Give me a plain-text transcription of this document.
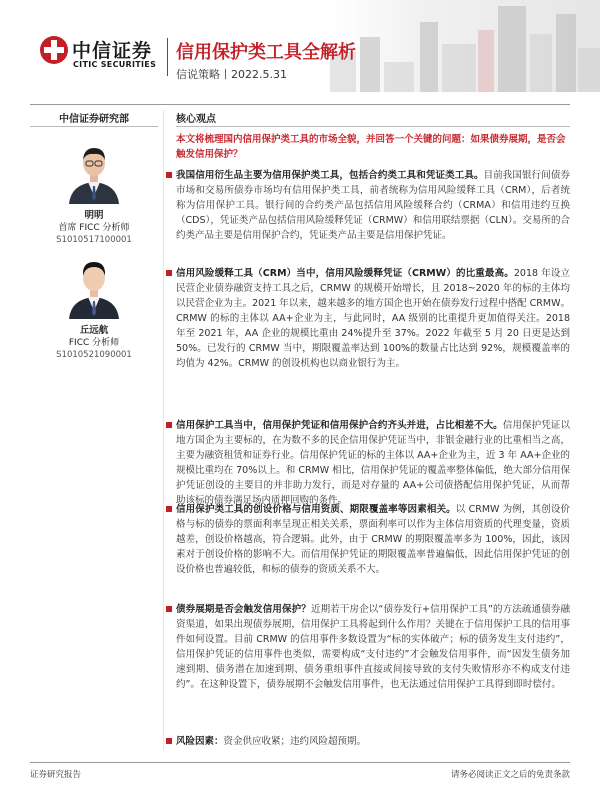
中信证券
CITIC SECURITIES
信用保护类工具全解析
信说策略丨2022.5.31
中信证券研究部
明明
首席 FICC 分析师
S1010517100001
丘远航
FICC 分析师
S1010521090001
核心观点
本文将梳理国内信用保护类工具的市场全貌，并回答一个关键的问题：如果债券展期，是否会触发信用保护？
我国信用衍生品主要为信用保护类工具，包括合约类工具和凭证类工具。目前我国银行间债券市场和交易所债券市场均有信用保护类工具，前者统称为信用风险缓释工具（CRM），后者统称为信用保护工具。银行间的合约类产品包括信用风险缓释合约（CRMA）和信用违约互换（CDS），凭证类产品包括信用风险缓释凭证（CRMW）和信用联结票据（CLN）。交易所的合约类产品主要是信用保护合约，凭证类产品主要是信用保护凭证。
信用风险缓释工具（CRM）当中，信用风险缓释凭证（CRMW）的比重最高。2018 年设立民营企业债券融资支持工具之后，CRMW 的规模开始增长，且 2018~2020 年的标的主体均以民营企业为主。2021 年以来，越来越多的地方国企也开始在债券发行过程中搭配 CRMW。CRMW 的标的主体以 AA+企业为主，与此同时，AA 级别的比重提升更加值得关注。2018 年至 2021 年，AA 企业的规模比重由 24%提升至 37%。2022 年截至 5 月 20 日更是达到 50%。已发行的 CRMW 当中，期限覆盖率达到 100%的数量占比达到 92%，规模覆盖率的均值为 42%。CRMW 的创设机构也以商业银行为主。
信用保护工具当中，信用保护凭证和信用保护合约齐头并进，占比相差不大。信用保护凭证以地方国企为主要标的，在为数不多的民企信用保护凭证当中，非银金融行业的比重相当之高，主要为融资租赁和证券行业。信用保护凭证的标的主体以 AA+企业为主，近 3 年 AA+企业的规模比重均在 70%以上。和 CRMW 相比，信用保护凭证的覆盖率整体偏低，绝大部分信用保护凭证创设的主要目的并非助力发行，而是对存量的 AA+公司债搭配信用保护凭证，从而帮助该标的债券满足场内质押回购的条件。
信用保护类工具的创设价格与信用资质、期限覆盖率等因素相关。以 CRMW 为例，其创设价格与标的债券的票面利率呈现正相关关系，票面利率可以作为主体信用资质的代理变量，资质越差，创设价格越高，符合逻辑。此外，由于 CRMW 的期限覆盖率多为 100%，因此，该因素对于创设价格的影响不大。而信用保护凭证的期限覆盖率普遍偏低，因此信用保护凭证的创设价格也普遍较低，和标的债券的资质关系不大。
债券展期是否会触发信用保护？近期若干房企以“债券发行+信用保护工具”的方法疏通债券融资渠道，如果出现债券展期，信用保护工具将起到什么作用？关键在于信用保护工具的信用事件如何设置。目前 CRMW 的信用事件多数设置为“标的实体破产；标的债务发生支付违约”，信用保护凭证的信用事件也类似，需要构成“支付违约”才会触发信用事件，而“因发生债务加速到期、债务潜在加速到期、债务重组事件直接或间接导致的支付失败情形亦不构成支付违约”。在这种设置下，债券展期不会触发信用事件，也无法通过信用保护工具得到即时偿付。
风险因素：资金供应收紧；违约风险超预期。
证券研究报告	请务必阅读正文之后的免责条款
